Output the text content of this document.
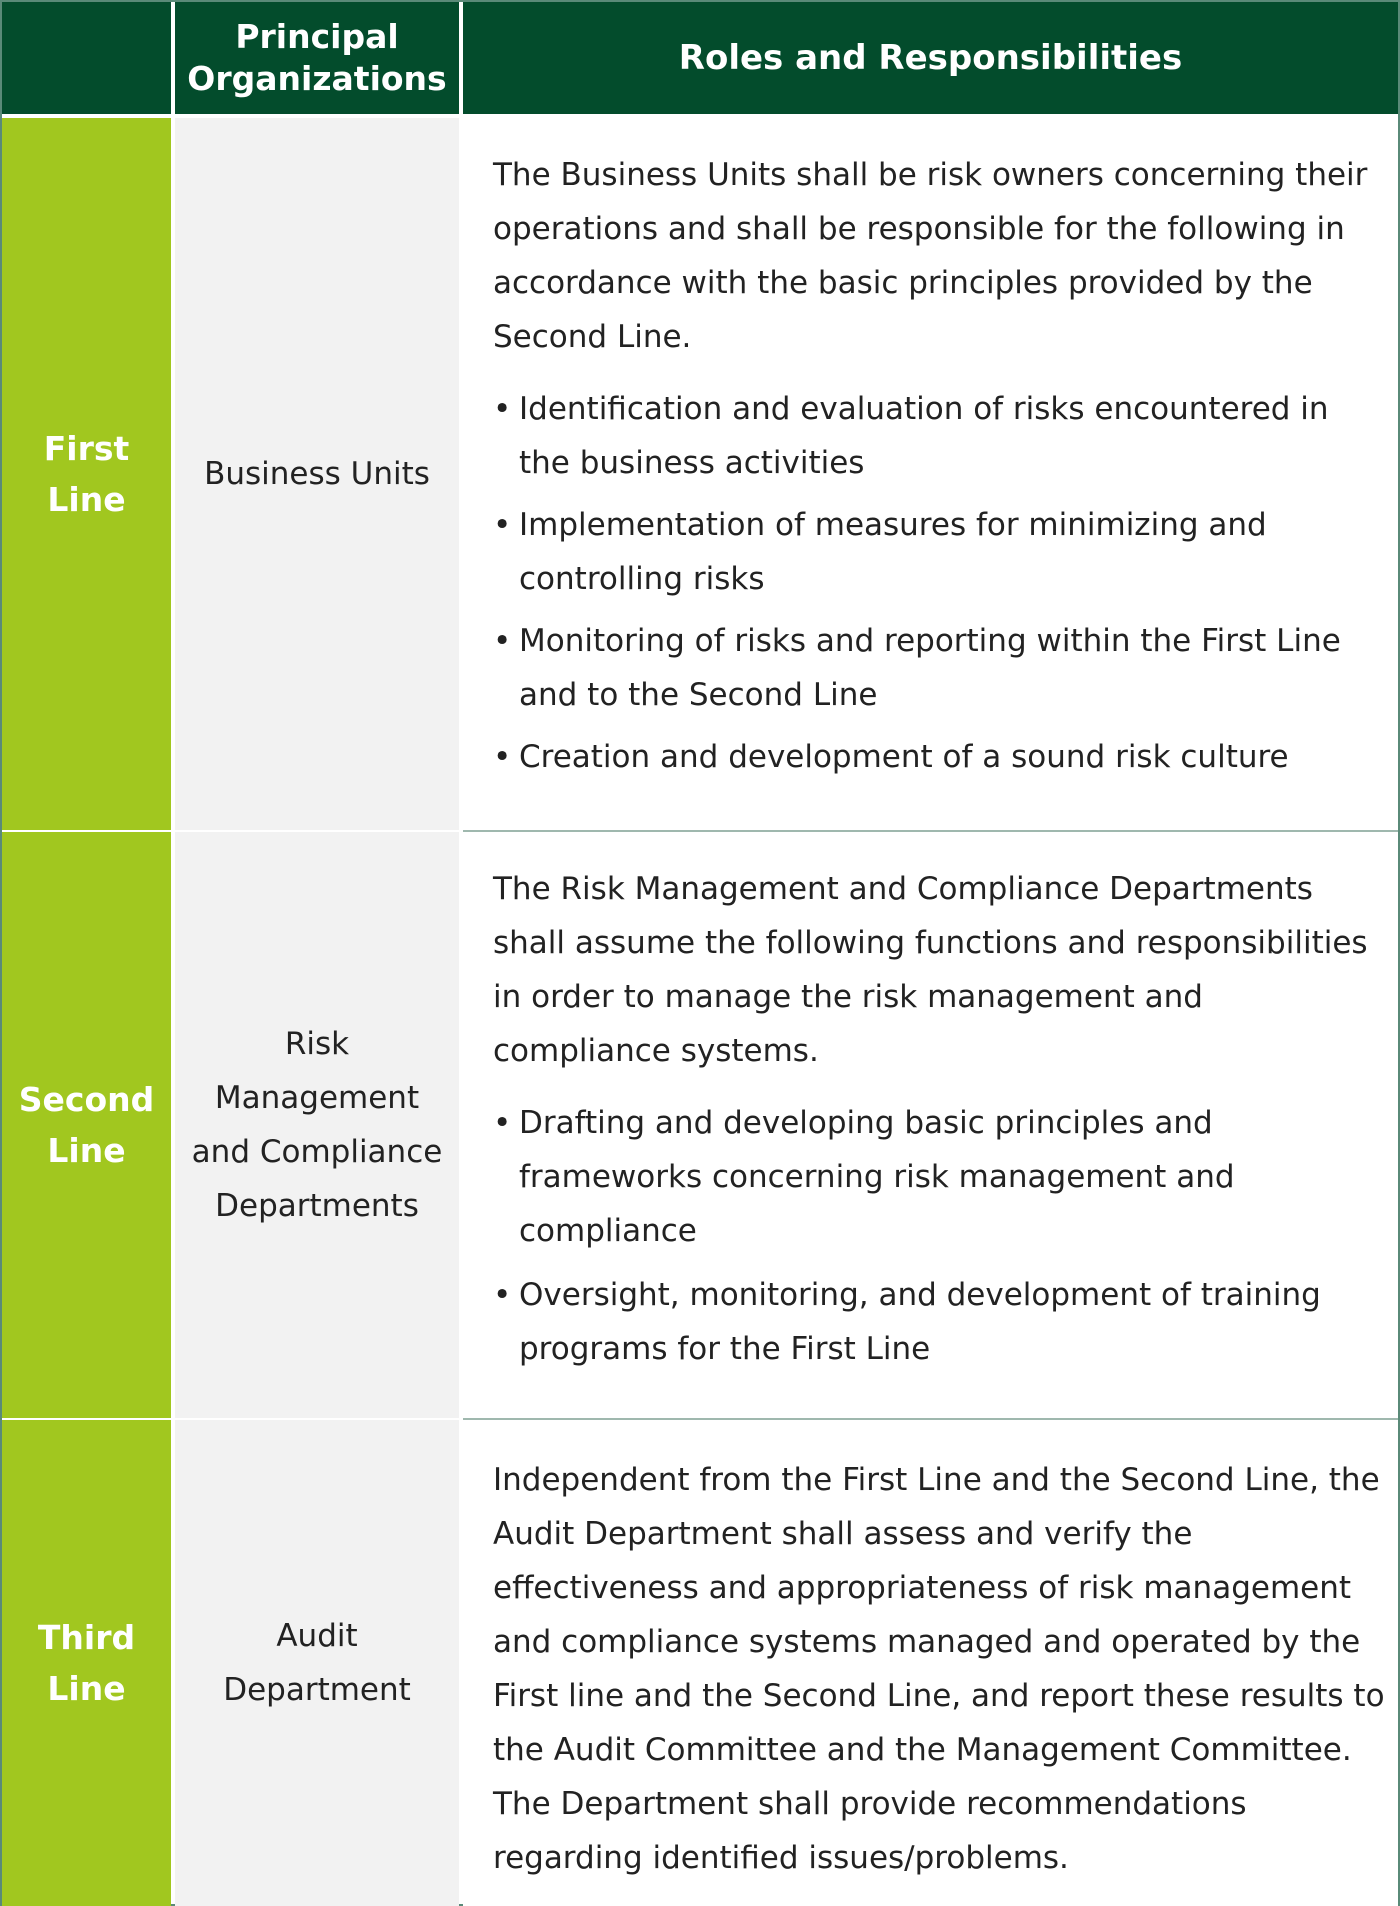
Principal
Organizations
Roles and Responsibilities
First
Line
Business Units

The Business Units shall be risk owners concerning their operations and shall be responsible for the following in accordance with the basic principles provided by the Second Line.

• Identification and evaluation of risks encountered in the business activities
• Implementation of measures for minimizing and controlling risks
• Monitoring of risks and reporting within the First Line and to the Second Line
• Creation and development of a sound risk culture
Second
Line
Risk Management and Compliance Departments

The Risk Management and Compliance Departments shall assume the following functions and responsibilities in order to manage the risk management and compliance systems.

• Drafting and developing basic principles and frameworks concerning risk management and compliance
• Oversight, monitoring, and development of training programs for the First Line
Third
Line
Audit Department

Independent from the First Line and the Second Line, the Audit Department shall assess and verify the effectiveness and appropriateness of risk management and compliance systems managed and operated by the First line and the Second Line, and report these results to the Audit Committee and the Management Committee. The Department shall provide recommendations regarding identified issues/problems.
